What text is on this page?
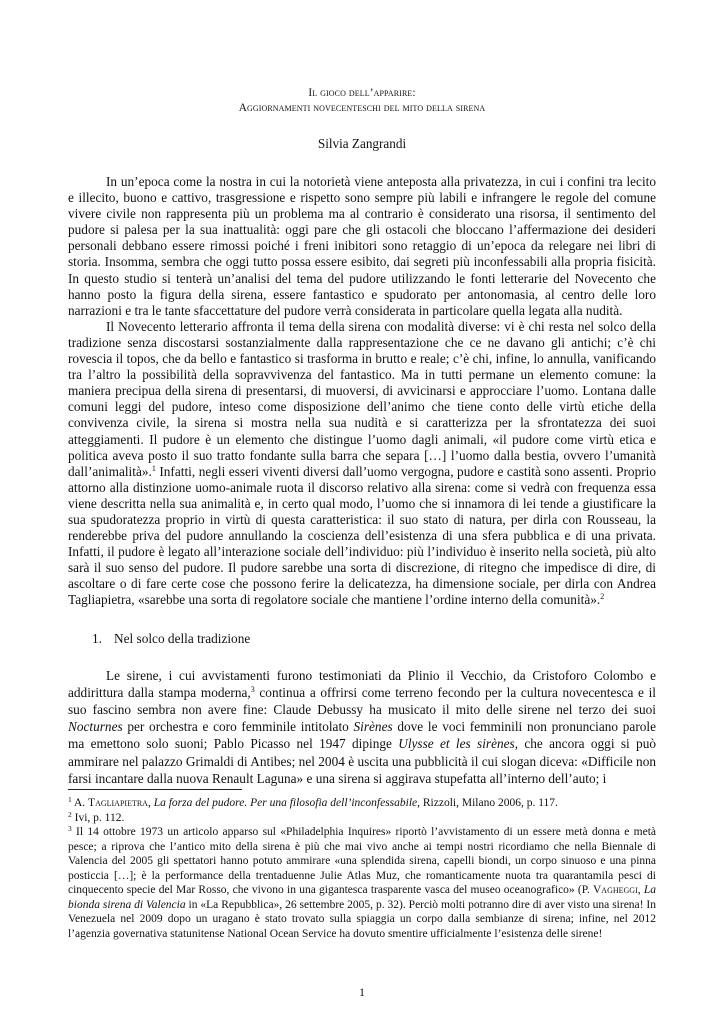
Il gioco dell’apparire:
Aggiornamenti novecenteschi del mito della sirena
Silvia Zangrandi

In un’epoca come la nostra in cui la notorietà viene anteposta alla privatezza, in cui i confini tra lecito e illecito, buono e cattivo, trasgressione e rispetto sono sempre più labili e infrangere le regole del comune vivere civile non rappresenta più un problema ma al contrario è considerato una risorsa, il sentimento del pudore si palesa per la sua inattualità: oggi pare che gli ostacoli che bloccano l’affermazione dei desideri personali debbano essere rimossi poiché i freni inibitori sono retaggio di un’epoca da relegare nei libri di storia. Insomma, sembra che oggi tutto possa essere esibito, dai segreti più inconfessabili alla propria fisicità. In questo studio si tenterà un’analisi del tema del pudore utilizzando le fonti letterarie del Novecento che hanno posto la figura della sirena, essere fantastico e spudorato per antonomasia, al centro delle loro narrazioni e tra le tante sfaccettature del pudore verrà considerata in particolare quella legata alla nudità.

Il Novecento letterario affronta il tema della sirena con modalità diverse: vi è chi resta nel solco della tradizione senza discostarsi sostanzialmente dalla rappresentazione che ce ne davano gli antichi; c’è chi rovescia il topos, che da bello e fantastico si trasforma in brutto e reale; c’è chi, infine, lo annulla, vanificando tra l’altro la possibilità della sopravvivenza del fantastico. Ma in tutti permane un elemento comune: la maniera precipua della sirena di presentarsi, di muoversi, di avvicinarsi e approcciare l’uomo. Lontana dalle comuni leggi del pudore, inteso come disposizione dell’animo che tiene conto delle virtù etiche della convivenza civile, la sirena si mostra nella sua nudità e si caratterizza per la sfrontatezza dei suoi atteggiamenti. Il pudore è un elemento che distingue l’uomo dagli animali, «il pudore come virtù etica e politica aveva posto il suo tratto fondante sulla barra che separa […] l’uomo dalla bestia, ovvero l’umanità dall’animalità».$^1$ Infatti, negli esseri viventi diversi dall’uomo vergogna, pudore e castità sono assenti. Proprio attorno alla distinzione uomo-animale ruota il discorso relativo alla sirena: come si vedrà con frequenza essa viene descritta nella sua animalità e, in certo qual modo, l’uomo che si innamora di lei tende a giustificare la sua spudoratezza proprio in virtù di questa caratteristica: il suo stato di natura, per dirla con Rousseau, la renderebbe priva del pudore annullando la coscienza dell’esistenza di una sfera pubblica e di una privata. Infatti, il pudore è legato all’interazione sociale dell’individuo: più l’individuo è inserito nella società, più alto sarà il suo senso del pudore. Il pudore sarebbe una sorta di discrezione, di ritegno che impedisce di dire, di ascoltare o di fare certe cose che possono ferire la delicatezza, ha dimensione sociale, per dirla con Andrea Tagliapietra, «sarebbe una sorta di regolatore sociale che mantiene l’ordine interno della comunità».$^2$

1. Nel solco della tradizione

Le sirene, i cui avvistamenti furono testimoniati da Plinio il Vecchio, da Cristoforo Colombo e addirittura dalla stampa moderna,$^3$ continua a offrirsi come terreno fecondo per la cultura novecentesca e il suo fascino sembra non avere fine: Claude Debussy ha musicato il mito delle sirene nel terzo dei suoi Nocturnes per orchestra e coro femminile intitolato Sirènes dove le voci femminili non pronunciano parole ma emettono solo suoni; Pablo Picasso nel 1947 dipinge Ulysse et les sirènes, che ancora oggi si può ammirare nel palazzo Grimaldi di Antibes; nel 2004 è uscita una pubblicità il cui slogan diceva: «Difficile non farsi incantare dalla nuova Renault Laguna» e una sirena si aggirava stupefatta all’interno dell’auto; i

$^1$ A. Tagliapietra, La forza del pudore. Per una filosofia dell’inconfessabile, Rizzoli, Milano 2006, p. 117.

$^2$ Ivi, p. 112.

$^3$ Il 14 ottobre 1973 un articolo apparso sul «Philadelphia Inquires» riportò l’avvistamento di un essere metà donna e metà pesce; a riprova che l’antico mito della sirena è più che mai vivo anche ai tempi nostri ricordiamo che nella Biennale di Valencia del 2005 gli spettatori hanno potuto ammirare «una splendida sirena, capelli biondi, un corpo sinuoso e una pinna posticcia […]; è la performance della trentaduenne Julie Atlas Muz, che romanticamente nuota tra quarantamila pesci di cinquecento specie del Mar Rosso, che vivono in una gigantesca trasparente vasca del museo oceanografico» (P. Vagheggi, La bionda sirena di Valencia in «La Repubblica», 26 settembre 2005, p. 32). Perciò molti potranno dire di aver visto una sirena! In Venezuela nel 2009 dopo un uragano è stato trovato sulla spiaggia un corpo dalla sembianze di sirena; infine, nel 2012 l’agenzia governativa statunitense National Ocean Service ha dovuto smentire ufficialmente l’esistenza delle sirene!

1
